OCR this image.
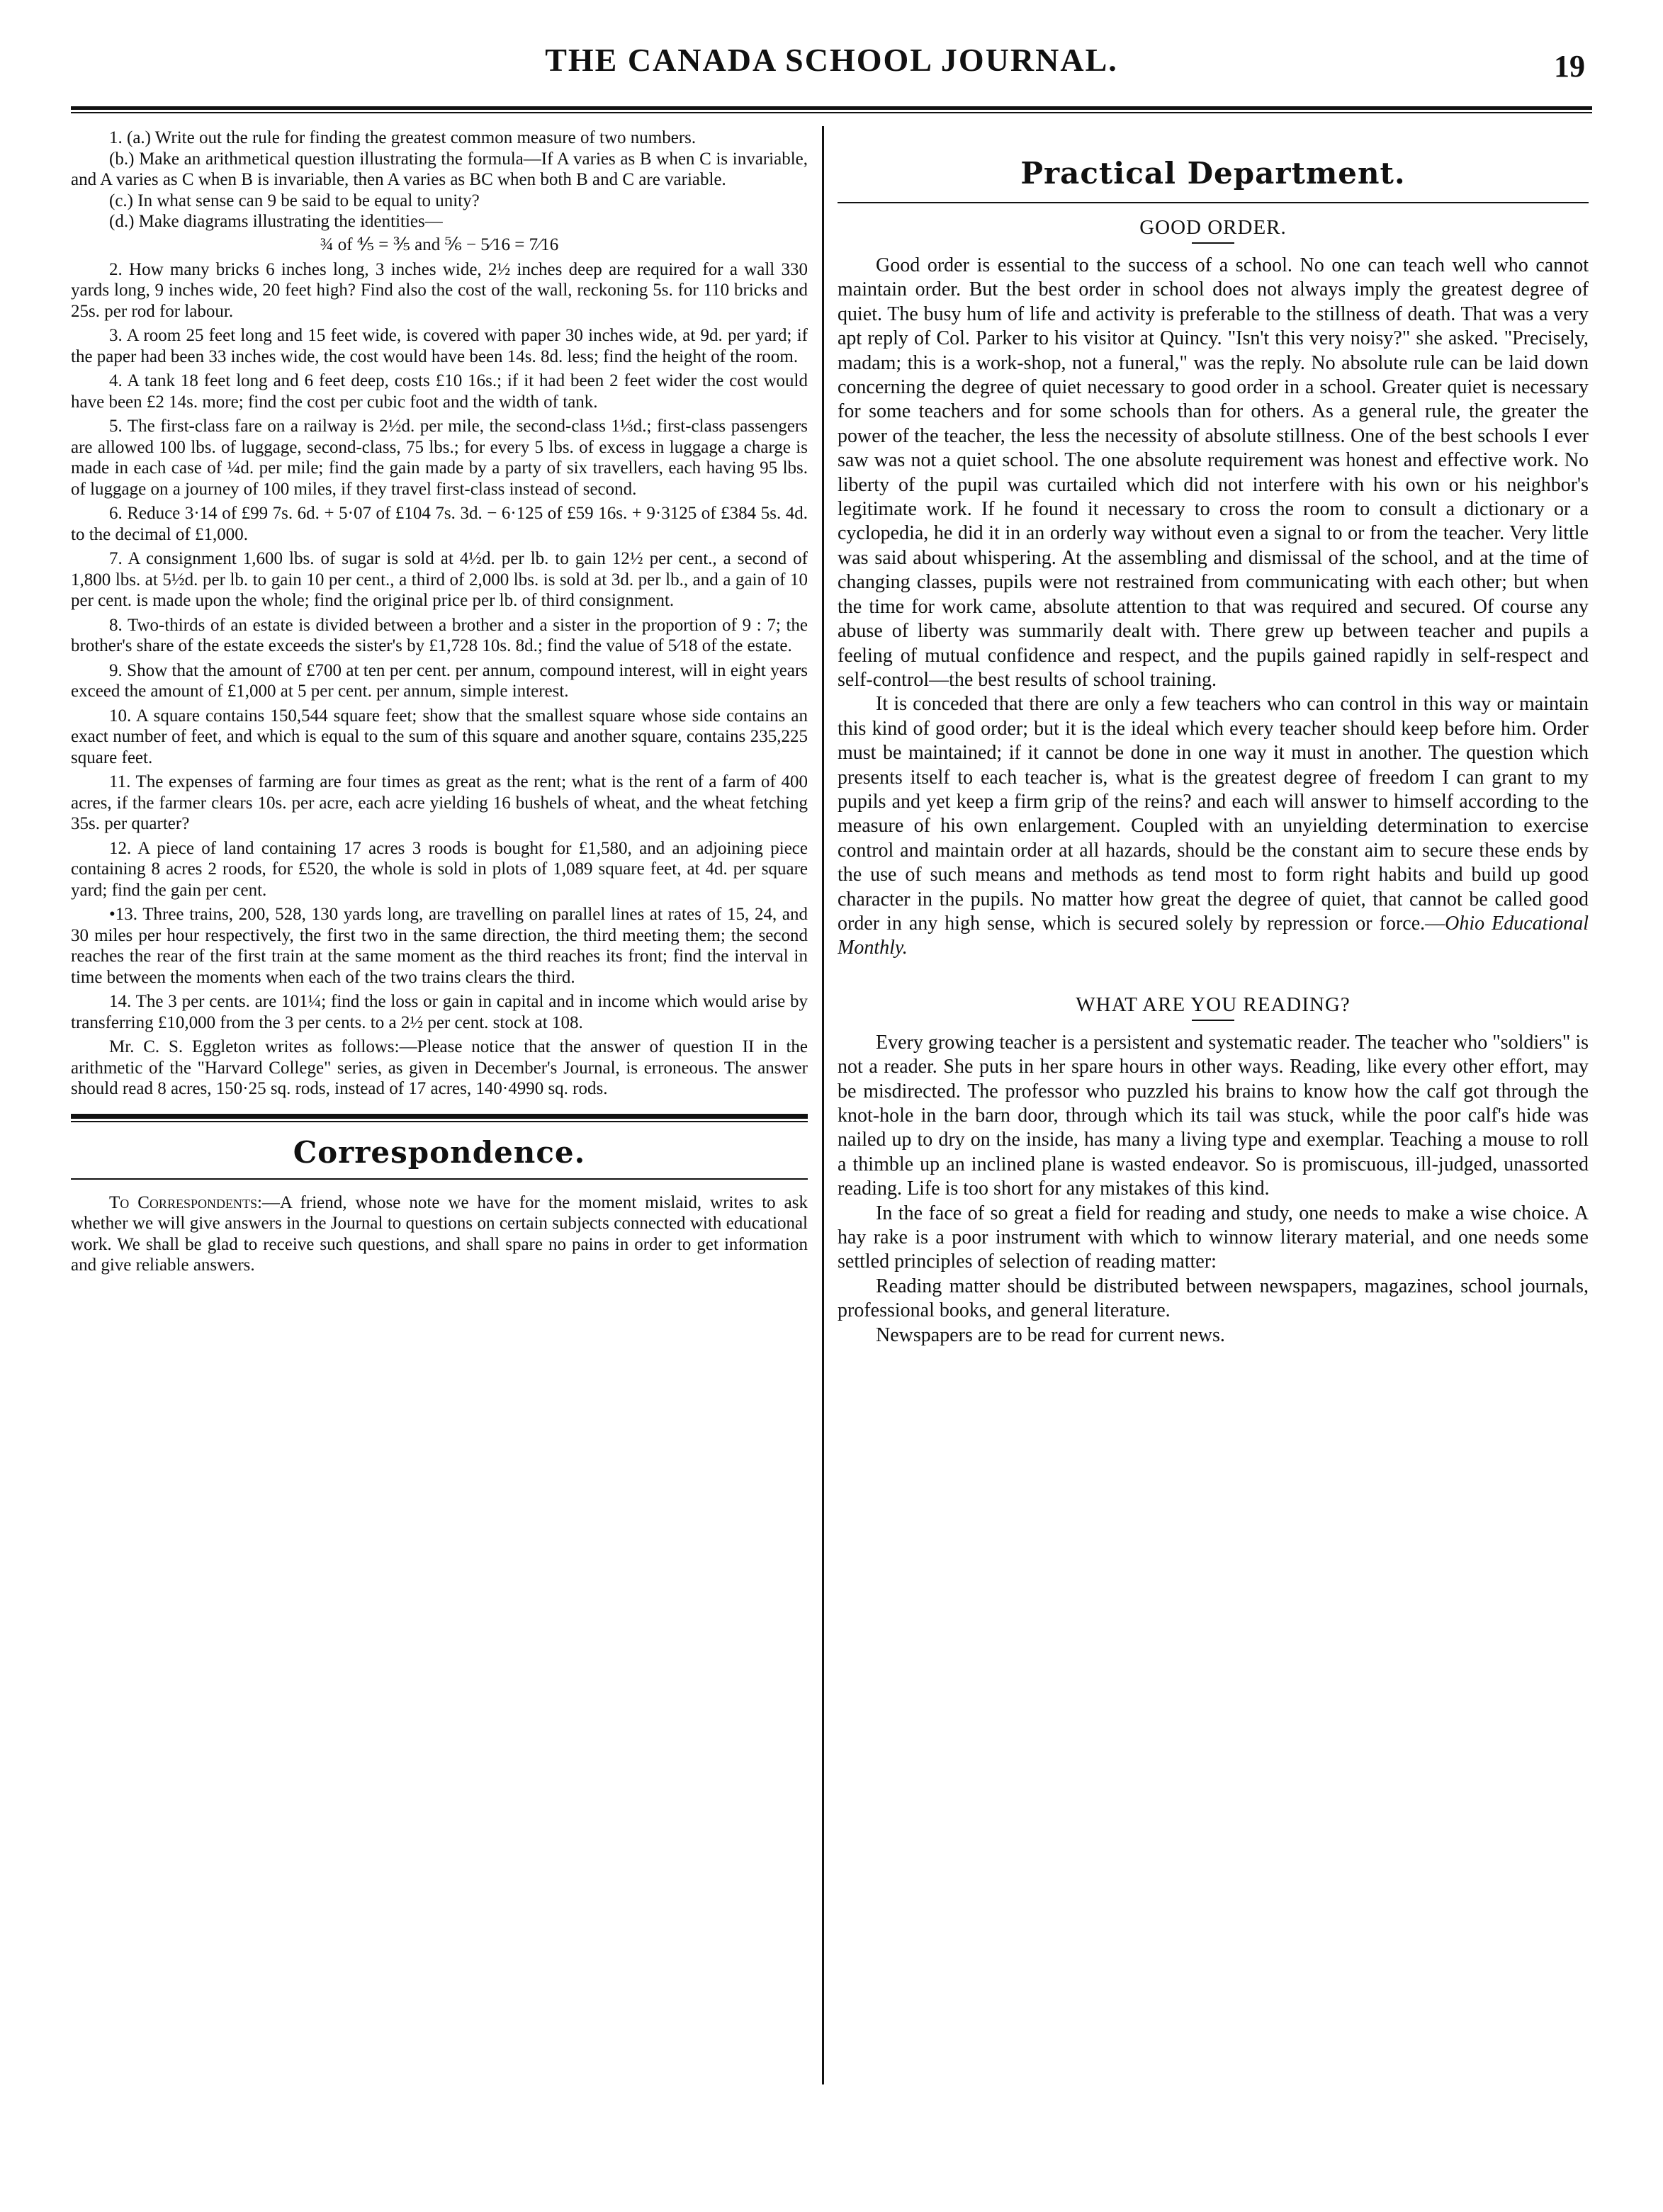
THE CANADA SCHOOL JOURNAL.	19

1. (a.) Write out the rule for finding the greatest common measure of two numbers.

(b.) Make an arithmetical question illustrating the formula—If A varies as B when C is invariable, and A varies as C when B is invariable, then A varies as BC when both B and C are variable.

(c.) In what sense can 9 be said to be equal to unity?

(d.) Make diagrams illustrating the identities—

¾ of ⅘ = ⅗ and ⅚ − 5⁄16 = 7⁄16

2. How many bricks 6 inches long, 3 inches wide, 2½ inches deep are required for a wall 330 yards long, 9 inches wide, 20 feet high? Find also the cost of the wall, reckoning 5s. for 110 bricks and 25s. per rod for labour.

3. A room 25 feet long and 15 feet wide, is covered with paper 30 inches wide, at 9d. per yard; if the paper had been 33 inches wide, the cost would have been 14s. 8d. less; find the height of the room.

4. A tank 18 feet long and 6 feet deep, costs £10 16s.; if it had been 2 feet wider the cost would have been £2 14s. more; find the cost per cubic foot and the width of tank.

5. The first-class fare on a railway is 2½d. per mile, the second-class 1⅓d.; first-class passengers are allowed 100 lbs. of luggage, second-class, 75 lbs.; for every 5 lbs. of excess in luggage a charge is made in each case of ¼d. per mile; find the gain made by a party of six travellers, each having 95 lbs. of luggage on a journey of 100 miles, if they travel first-class instead of second.

6. Reduce 3·14 of £99 7s. 6d. + 5·07 of £104 7s. 3d. − 6·125 of £59 16s. + 9·3125 of £384 5s. 4d. to the decimal of £1,000.

7. A consignment 1,600 lbs. of sugar is sold at 4½d. per lb. to gain 12½ per cent., a second of 1,800 lbs. at 5½d. per lb. to gain 10 per cent., a third of 2,000 lbs. is sold at 3d. per lb., and a gain of 10 per cent. is made upon the whole; find the original price per lb. of third consignment.

8. Two-thirds of an estate is divided between a brother and a sister in the proportion of 9 : 7; the brother's share of the estate exceeds the sister's by £1,728 10s. 8d.; find the value of 5⁄18 of the estate.

9. Show that the amount of £700 at ten per cent. per annum, compound interest, will in eight years exceed the amount of £1,000 at 5 per cent. per annum, simple interest.

10. A square contains 150,544 square feet; show that the smallest square whose side contains an exact number of feet, and which is equal to the sum of this square and another square, contains 235,225 square feet.

11. The expenses of farming are four times as great as the rent; what is the rent of a farm of 400 acres, if the farmer clears 10s. per acre, each acre yielding 16 bushels of wheat, and the wheat fetching 35s. per quarter?

12. A piece of land containing 17 acres 3 roods is bought for £1,580, and an adjoining piece containing 8 acres 2 roods, for £520, the whole is sold in plots of 1,089 square feet, at 4d. per square yard; find the gain per cent.

•13. Three trains, 200, 528, 130 yards long, are travelling on parallel lines at rates of 15, 24, and 30 miles per hour respectively, the first two in the same direction, the third meeting them; the second reaches the rear of the first train at the same moment as the third reaches its front; find the interval in time between the moments when each of the two trains clears the third.

14. The 3 per cents. are 101¼; find the loss or gain in capital and in income which would arise by transferring £10,000 from the 3 per cents. to a 2½ per cent. stock at 108.

Mr. C. S. Eggleton writes as follows:—Please notice that the answer of question II in the arithmetic of the "Harvard College" series, as given in December's Journal, is erroneous. The answer should read 8 acres, 150·25 sq. rods, instead of 17 acres, 140·4990 sq. rods.

Correspondence.

To Correspondents:—A friend, whose note we have for the moment mislaid, writes to ask whether we will give answers in the Journal to questions on certain subjects connected with educational work. We shall be glad to receive such questions, and shall spare no pains in order to get information and give reliable answers.

Practical Department.
GOOD ORDER.

Good order is essential to the success of a school. No one can teach well who cannot maintain order. But the best order in school does not always imply the greatest degree of quiet. The busy hum of life and activity is preferable to the stillness of death. That was a very apt reply of Col. Parker to his visitor at Quincy. "Isn't this very noisy?" she asked. "Precisely, madam; this is a work-shop, not a funeral," was the reply. No absolute rule can be laid down concerning the degree of quiet necessary to good order in a school. Greater quiet is necessary for some teachers and for some schools than for others. As a general rule, the greater the power of the teacher, the less the necessity of absolute stillness. One of the best schools I ever saw was not a quiet school. The one absolute requirement was honest and effective work. No liberty of the pupil was curtailed which did not interfere with his own or his neighbor's legitimate work. If he found it necessary to cross the room to consult a dictionary or a cyclopedia, he did it in an orderly way without even a signal to or from the teacher. Very little was said about whispering. At the assembling and dismissal of the school, and at the time of changing classes, pupils were not restrained from communicating with each other; but when the time for work came, absolute attention to that was required and secured. Of course any abuse of liberty was summarily dealt with. There grew up between teacher and pupils a feeling of mutual confidence and respect, and the pupils gained rapidly in self-respect and self-control—the best results of school training.

It is conceded that there are only a few teachers who can control in this way or maintain this kind of good order; but it is the ideal which every teacher should keep before him. Order must be maintained; if it cannot be done in one way it must in another. The question which presents itself to each teacher is, what is the greatest degree of freedom I can grant to my pupils and yet keep a firm grip of the reins? and each will answer to himself according to the measure of his own enlargement. Coupled with an unyielding determination to exercise control and maintain order at all hazards, should be the constant aim to secure these ends by the use of such means and methods as tend most to form right habits and build up good character in the pupils. No matter how great the degree of quiet, that cannot be called good order in any high sense, which is secured solely by repression or force.—Ohio Educational Monthly.

WHAT ARE YOU READING?

Every growing teacher is a persistent and systematic reader. The teacher who "soldiers" is not a reader. She puts in her spare hours in other ways. Reading, like every other effort, may be misdirected. The professor who puzzled his brains to know how the calf got through the knot-hole in the barn door, through which its tail was stuck, while the poor calf's hide was nailed up to dry on the inside, has many a living type and exemplar. Teaching a mouse to roll a thimble up an inclined plane is wasted endeavor. So is promiscuous, ill-judged, unassorted reading. Life is too short for any mistakes of this kind.

In the face of so great a field for reading and study, one needs to make a wise choice. A hay rake is a poor instrument with which to winnow literary material, and one needs some settled principles of selection of reading matter:

Reading matter should be distributed between newspapers, magazines, school journals, professional books, and general literature.

Newspapers are to be read for current news.
